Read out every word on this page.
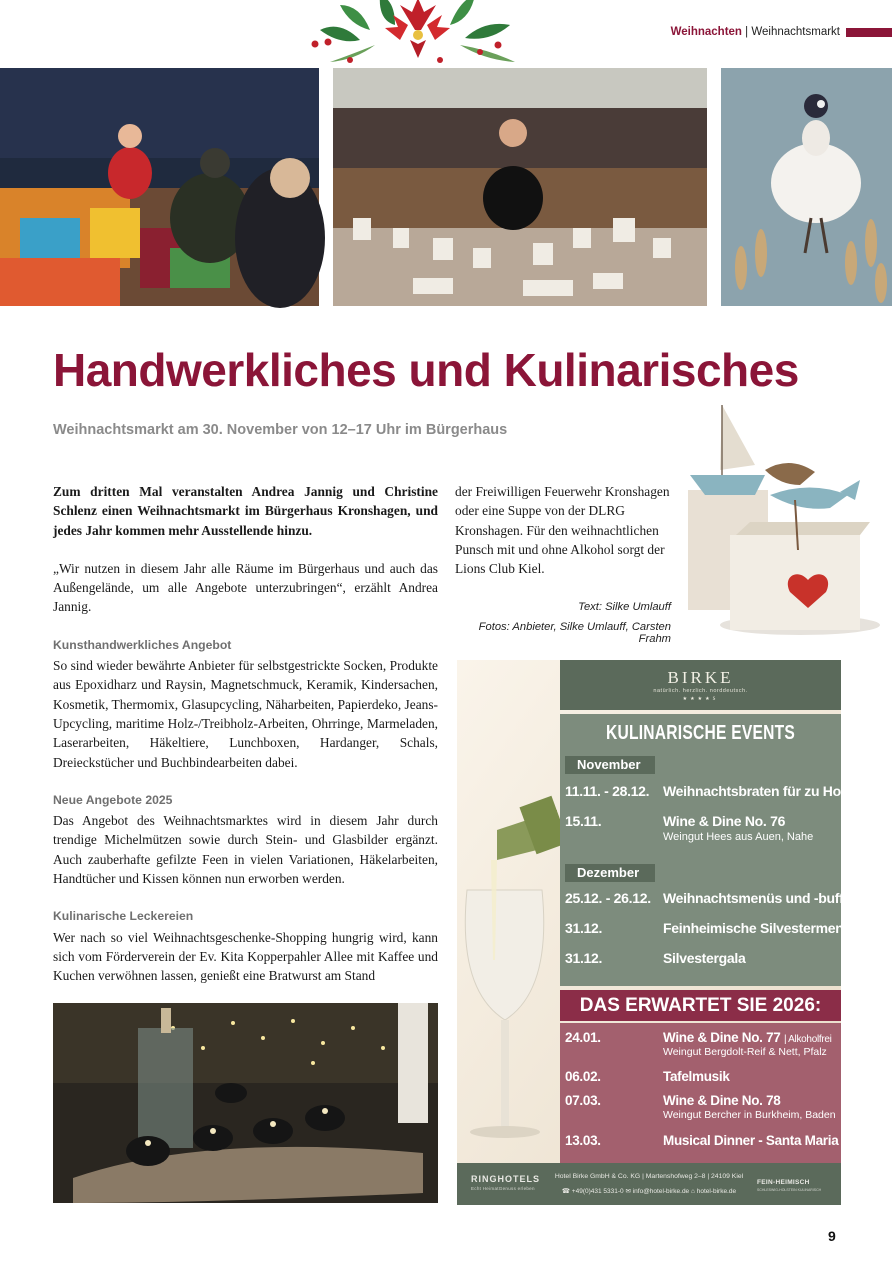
Weihnachten | Weihnachtsmarkt
Handwerkliches und Kulinarisches
Weihnachtsmarkt am 30. November von 12–17 Uhr im Bürgerhaus

Zum dritten Mal veranstalten Andrea Jannig und Christine Schlenz einen Weihnachtsmarkt im Bürgerhaus Kronshagen, und jedes Jahr kommen mehr Ausstellende hinzu.

„Wir nutzen in diesem Jahr alle Räume im Bürgerhaus und auch das Außengelände, um alle Angebote unterzubringen“, erzählt Andrea Jannig.

Kunsthandwerkliches Angebot

So sind wieder bewährte Anbieter für selbstgestrickte Socken, Produkte aus Epoxidharz und Raysin, Magnetschmuck, Keramik, Kindersachen, Kosmetik, Thermomix, Glasupcycling, Näharbeiten, Papierdeko, Jeans-Upcycling, maritime Holz-/Treibholz-Arbeiten, Ohrringe, Marmeladen, Laserarbeiten, Häkeltiere, Lunchboxen, Hardanger, Schals, Dreieckstücher und Buchbindearbeiten dabei.

Neue Angebote 2025

Das Angebot des Weihnachtsmarktes wird in diesem Jahr durch trendige Michelmützen sowie durch Stein- und Glasbilder ergänzt. Auch zauberhafte gefilzte Feen in vielen Variationen, Häkelarbeiten, Handtücher und Kissen können nun erworben werden.

Kulinarische Leckereien

Wer nach so viel Weihnachtsgeschenke-Shopping hungrig wird, kann sich vom Förderverein der Ev. Kita Kopperpahler Allee mit Kaffee und Kuchen verwöhnen lassen, genießt eine Bratwurst am Stand

der Freiwilligen Feuerwehr Kronshagen oder eine Suppe von der DLRG Kronshagen. Für den weihnachtlichen Punsch mit und ohne Alkohol sorgt der Lions Club Kiel.
Text: Silke Umlauff
Fotos: Anbieter, Silke Umlauff, Carsten Frahm
BIRKE
natürlich. herzlich. norddeutsch.
★★★★S
KULINARISCHE EVENTS
November
11.11. - 28.12. Weihnachtsbraten für zu House
15.11.	Wine & Dine No. 76
Weingut Hees aus Auen, Nahe
Dezember
25.12. - 26.12. Weihnachtsmenüs und -buffet
31.12.	Feinheimische Silvestermenüs
31.12.	Silvestergala
DAS ERWARTET SIE 2026:
24.01.	Wine & Dine No. 77 | Alkoholfrei
Weingut Bergdolt-Reif & Nett, Pfalz
06.02.	Tafelmusik
07.03.	Wine & Dine No. 78
Weingut Bercher in Burkheim, Baden
13.03.	Musical Dinner - Santa Maria
RINGHOTELS
Echt HeimatGenuss erleben
Hotel Birke GmbH & Co. KG | Martenshofweg 2–8 | 24109 Kiel
☎ +49(0)431 5331-0 ✉ info@hotel-birke.de ⌂ hotel-birke.de
FEIN-HEIMISCH
SCHLESWIG-HOLSTEIN KULINARISCH
9
